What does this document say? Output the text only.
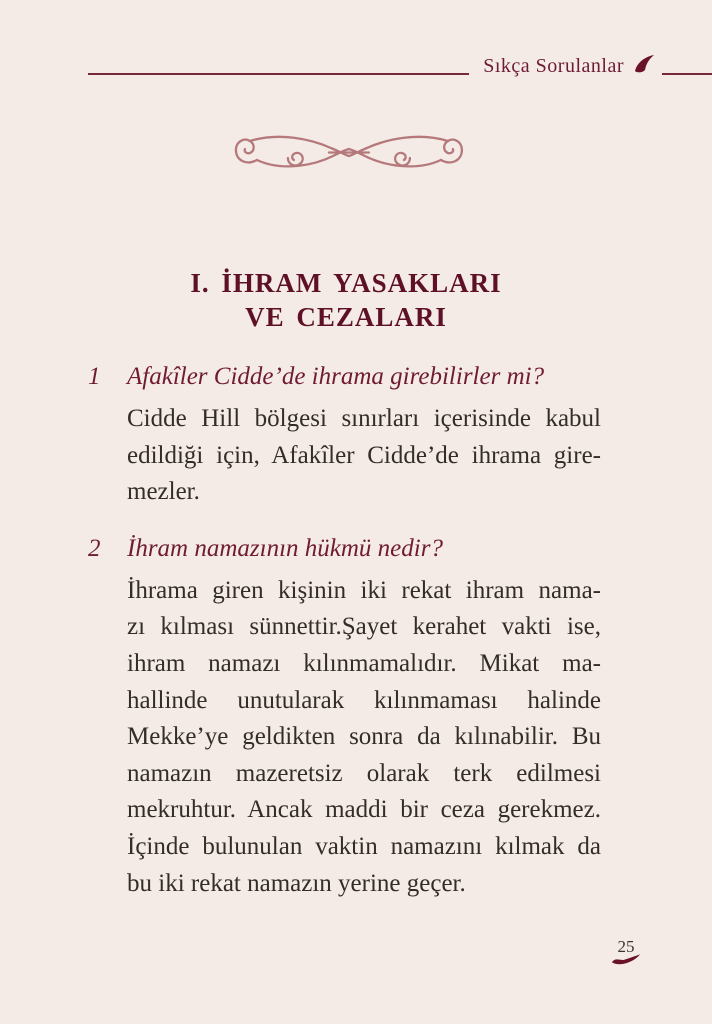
Sıkça Sorulanlar
I. İHRAM YASAKLARI
VE CEZALARI
1	Afakîler Cidde’de ihrama girebilirler mi?
Cidde Hill bölgesi sınırları içerisinde kabul
edildiği için, Afakîler Cidde’de ihrama gire-
mezler.
2	İhram namazının hükmü nedir?
İhrama giren kişinin iki rekat ihram nama-
zı kılması sünnettir.Şayet kerahet vakti ise,
ihram namazı kılınmamalıdır. Mikat ma-
hallinde unutularak kılınmaması halinde
Mekke’ye geldikten sonra da kılınabilir. Bu
namazın mazeretsiz olarak terk edilmesi
mekruhtur. Ancak maddi bir ceza gerekmez.
İçinde bulunulan vaktin namazını kılmak da
bu iki rekat namazın yerine geçer.
25
